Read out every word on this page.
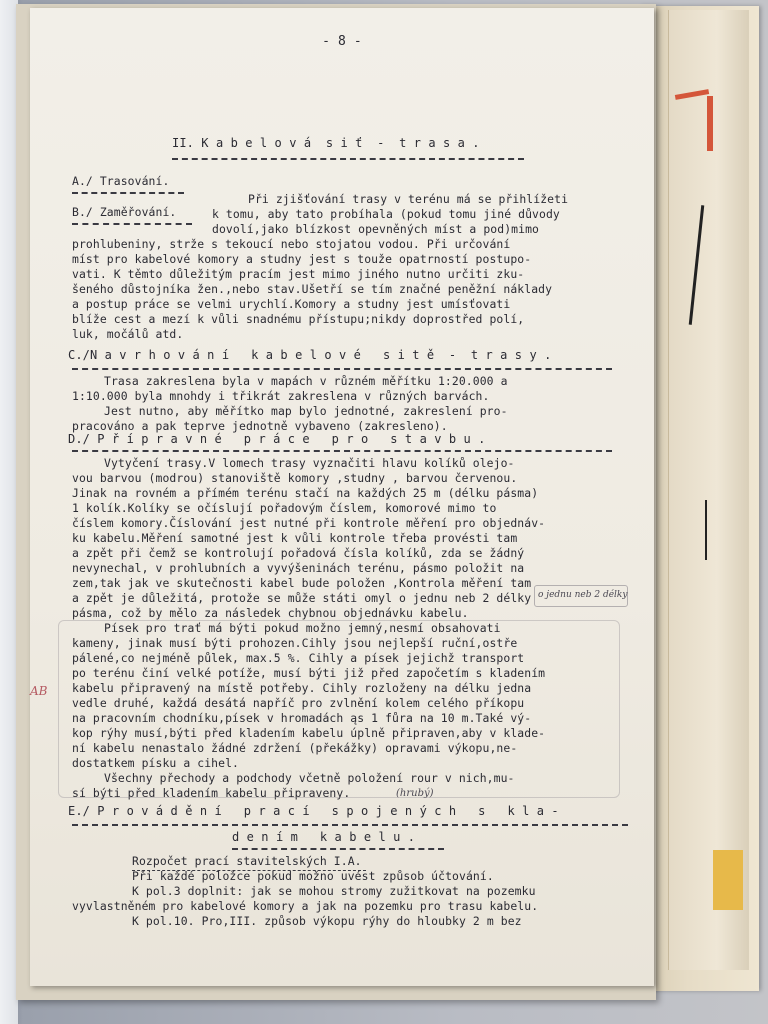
- 8 -
II. K a b e l o v á  s i ť  -  t r a s a .
A./ Trasování.
B./ Zaměřování.
Při zjišťování trasy v terénu má se přihlížeti
k tomu, aby tato probíhala (pokud tomu jiné důvody
dovolí,jako blízkost opevněných míst a pod)mimo
prohlubeniny, strže s tekoucí nebo stojatou vodou. Při určování
míst pro kabelové komory a studny jest s touže opatrností postupo-
vati. K těmto důležitým pracím jest mimo jiného nutno určiti zku-
šeného důstojníka žen.,nebo stav.Ušetří se tím značné peněžní náklady
a postup práce se velmi urychlí.Komory a studny jest umísťovati
blíže cest a mezí k vůli snadnému přístupu;nikdy doprostřed polí,
luk, močálů atd.
C./N a v r h o v á n í   k a b e l o v é   s i t ě  -  t r a s y .
Trasa zakreslena byla v mapách v různém měřítku 1:20.000 a
1:10.000 byla mnohdy i třikrát zakreslena v různých barvách.
Jest nutno, aby měřítko map bylo jednotné, zakreslení pro-
pracováno a pak teprve jednotně vybaveno (zakresleno).
D./ P ř í p r a v n é   p r á c e   p r o   s t a v b u .
Vytyčení trasy.V lomech trasy vyznačiti hlavu kolíků olejo-
vou barvou (modrou) stanoviště komory ,studny , barvou červenou.
Jinak na rovném a přímém terénu stačí na každých 25 m (délku pásma)
1 kolík.Kolíky se očíslují pořadovým číslem, komorové mimo to
číslem komory.Číslování jest nutné při kontrole měření pro objednáv-
ku kabelu.Měření samotné jest k vůli kontrole třeba provésti tam
a zpět při čemž se kontrolují pořadová čísla kolíků, zda se žádný
nevynechal, v prohlubních a vyvýšeninách terénu, pásmo položit na
zem,tak jak ve skutečnosti kabel bude položen ,Kontrola měření tam
a zpět je důležitá, protože se může státi omyl o jednu neb 2 délky
pásma, což by mělo za následek chybnou objednávku kabelu.
o jednu neb 2 délky
Písek pro trať má býti pokud možno jemný,nesmí obsahovati
kameny, jinak musí býti prohozen.Cihly jsou nejlepší ruční,ostře
pálené,co nejméně půlek, max.5 %. Cihly a písek jejichž transport
po terénu činí velké potíže, musí býti již před započetím s kladením
kabelu připravený na místě potřeby. Cihly rozloženy na délku jedna
vedle druhé, každá desátá napříč pro zvlnění kolem celého příkopu
na pracovním chodníku,písek v hromadách ąs 1 fůra na 10 m.Také vý-
kop rýhy musí,býti před kladením kabelu úplně připraven,aby v klade-
ní kabelu nenastalo žádné zdržení (překážky) opravami výkopu,ne-
dostatkem písku a cihel.
Všechny přechody a podchody včetně položení rour v nich,mu-
sí býti před kladením kabelu připraveny.	(hrubý)
AB
E./ P r o v á d ě n í   p r a c í   s p o j e n ý c h   s   k l a -
d e n í m   k a b e l u .
Rozpočet prací stavitelských I.A.
Při každé položce pokud možno uvést způsob účtování.
K pol.3 doplnit: jak se mohou stromy zužitkovat na pozemku
vyvlastněném pro kabelové komory a jak na pozemku pro trasu kabelu.
K pol.10. Pro,III. způsob výkopu rýhy do hloubky 2 m bez
